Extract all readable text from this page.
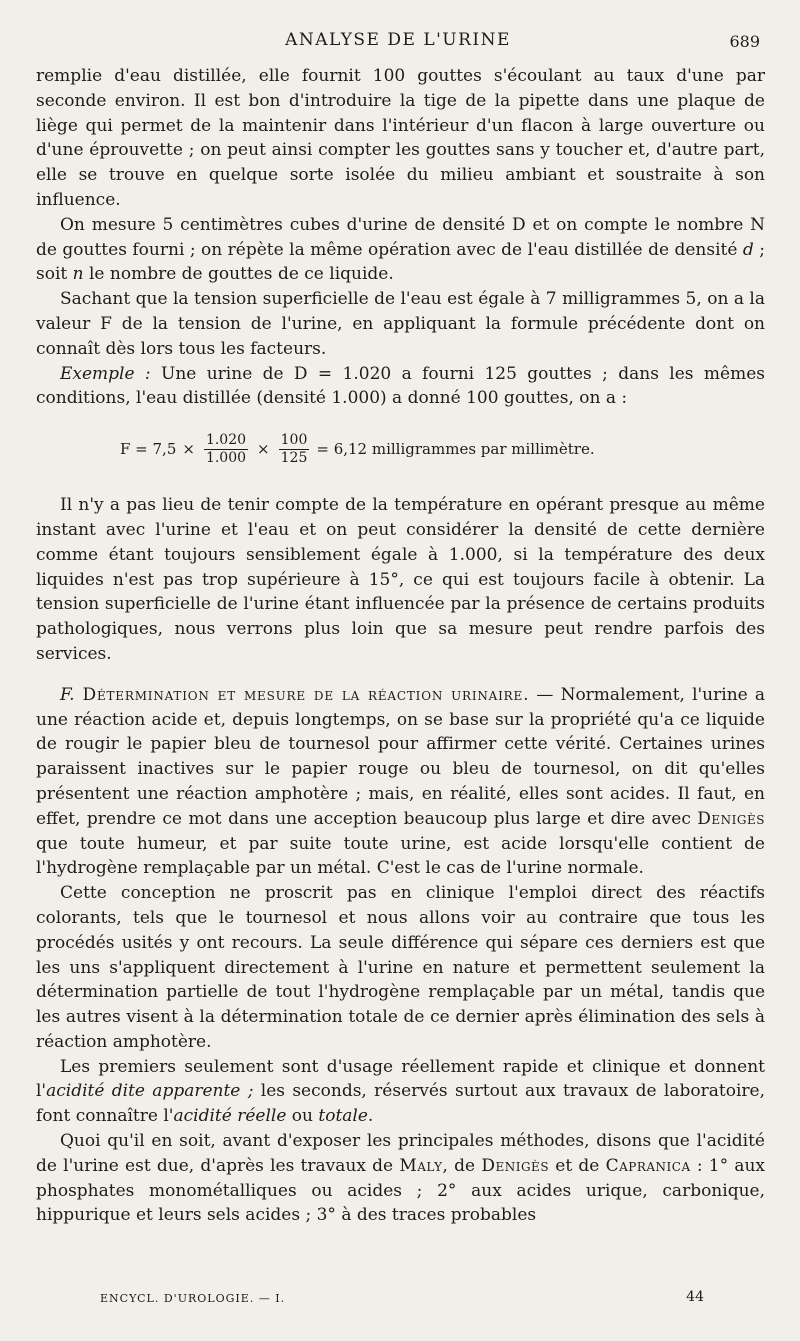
ANALYSE DE L'URINE	689

remplie d'eau distillée, elle fournit 100 gouttes s'écoulant au taux d'une par seconde environ. Il est bon d'introduire la tige de la pipette dans une plaque de liège qui permet de la maintenir dans l'intérieur d'un flacon à large ouverture ou d'une éprouvette ; on peut ainsi compter les gouttes sans y toucher et, d'autre part, elle se trouve en quelque sorte isolée du milieu ambiant et soustraite à son influence.

On mesure 5 centimètres cubes d'urine de densité D et on compte le nombre N de gouttes fourni ; on répète la même opération avec de l'eau distillée de densité d ; soit n le nombre de gouttes de ce liquide.

Sachant que la tension superficielle de l'eau est égale à 7 milligrammes 5, on a la valeur F de la tension de l'urine, en appliquant la formule précédente dont on connaît dès lors tous les facteurs.

Exemple : Une urine de D = 1.020 a fourni 125 gouttes ; dans les mêmes conditions, l'eau distillée (densité 1.000) a donné 100 gouttes, on a :

$F = 7,5 \times \frac{1.020}{1.000} \times \frac{100}{125} = 6,12$ milligrammes par millimètre.

Il n'y a pas lieu de tenir compte de la température en opérant presque au même instant avec l'urine et l'eau et on peut considérer la densité de cette dernière comme étant toujours sensiblement égale à 1.000, si la température des deux liquides n'est pas trop supérieure à 15°, ce qui est toujours facile à obtenir. La tension superficielle de l'urine étant influencée par la présence de certains produits pathologiques, nous verrons plus loin que sa mesure peut rendre parfois des services.

F. Détermination et mesure de la réaction urinaire. — Normalement, l'urine a une réaction acide et, depuis longtemps, on se base sur la propriété qu'a ce liquide de rougir le papier bleu de tournesol pour affirmer cette vérité. Certaines urines paraissent inactives sur le papier rouge ou bleu de tournesol, on dit qu'elles présentent une réaction amphotère ; mais, en réalité, elles sont acides. Il faut, en effet, prendre ce mot dans une acception beaucoup plus large et dire avec Denigès que toute humeur, et par suite toute urine, est acide lorsqu'elle contient de l'hydrogène remplaçable par un métal. C'est le cas de l'urine normale.

Cette conception ne proscrit pas en clinique l'emploi direct des réactifs colorants, tels que le tournesol et nous allons voir au contraire que tous les procédés usités y ont recours. La seule différence qui sépare ces derniers est que les uns s'appliquent directement à l'urine en nature et permettent seulement la détermination partielle de tout l'hydrogène remplaçable par un métal, tandis que les autres visent à la détermination totale de ce dernier après élimination des sels à réaction amphotère.

Les premiers seulement sont d'usage réellement rapide et clinique et donnent l'acidité dite apparente ; les seconds, réservés surtout aux travaux de laboratoire, font connaître l'acidité réelle ou totale.

Quoi qu'il en soit, avant d'exposer les principales méthodes, disons que l'acidité de l'urine est due, d'après les travaux de Maly, de Denigès et de Capranica : 1° aux phosphates monométalliques ou acides ; 2° aux acides urique, carbonique, hippurique et leurs sels acides ; 3° à des traces probables

ENCYCL. D'UROLOGIE. — I.	44
